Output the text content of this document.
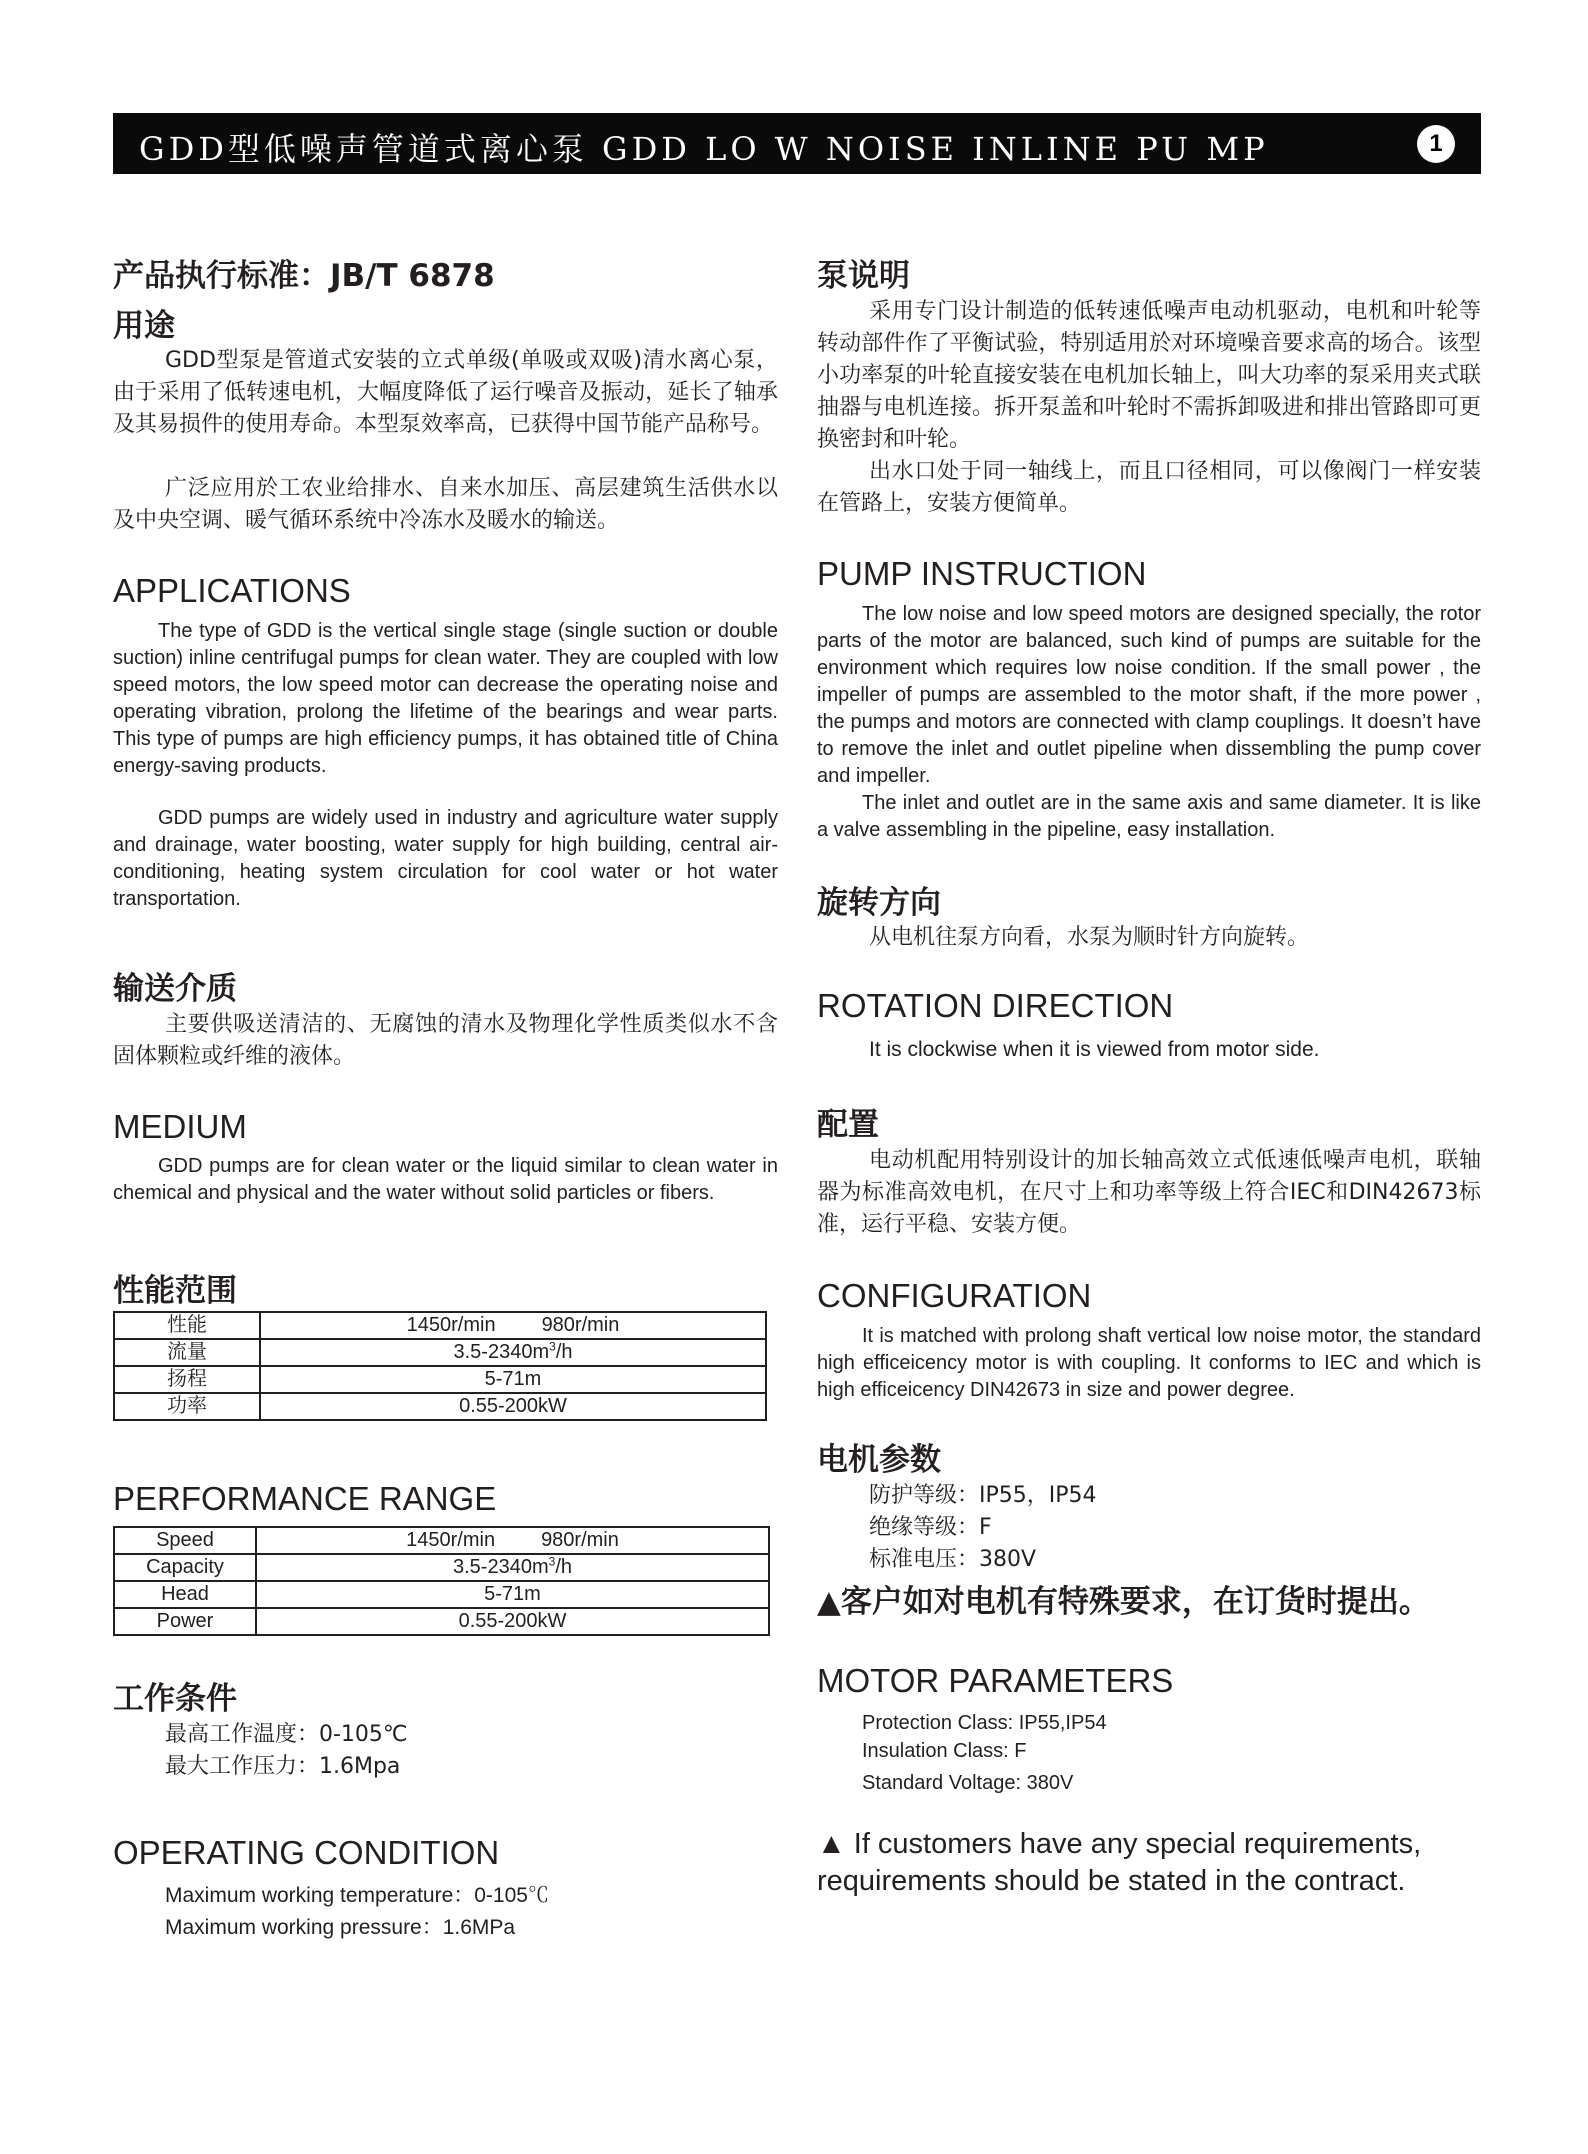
GDD型低噪声管道式离心泵 GDD LO W NOISE INLINE PU MP	1
产品执行标准：JB/T 6878
用途

GDD型泵是管道式安装的立式单级(单吸或双吸)清水离心泵，由于采用了低转速电机，大幅度降低了运行噪音及振动，延长了轴承及其易损件的使用寿命。本型泵效率高，已获得中国节能产品称号。

广泛应用於工农业给排水、自来水加压、高层建筑生活供水以及中央空调、暖气循环系统中冷冻水及暖水的输送。

APPLICATIONS

The type of GDD is the vertical single stage (single suction or double suction) inline centrifugal pumps for clean water. They are coupled with low speed motors, the low speed motor can decrease the operating noise and operating vibration, prolong the lifetime of the bearings and wear parts. This type of pumps are high efficiency pumps, it has obtained title of China energy-saving products.

GDD pumps are widely used in industry and agriculture water supply and drainage, water boosting, water supply for high building, central air-conditioning, heating system circulation for cool water or hot water transportation.

输送介质

主要供吸送清洁的、无腐蚀的清水及物理化学性质类似水不含固体颗粒或纤维的液体。

MEDIUM

GDD pumps are for clean water or the liquid similar to clean water in chemical and physical and the water without solid particles or fibers.

性能范围
性能	1450r/min 980r/min
流量	$3.5-2340m^3/h$
扬程	5-71m
功率	0.55-200kW
PERFORMANCE RANGE
Speed	1450r/min 980r/min
Capacity	$3.5-2340m^3/h$
Head	5-71m
Power	0.55-200kW
工作条件
最高工作温度：0-105℃
最大工作压力：1.6Mpa
OPERATING CONDITION
Maximum working temperature：0-105℃
Maximum working pressure：1.6MPa
泵说明

采用专门设计制造的低转速低噪声电动机驱动，电机和叶轮等转动部件作了平衡试验，特别适用於对环境噪音要求高的场合。该型小功率泵的叶轮直接安装在电机加长轴上，叫大功率的泵采用夹式联抽器与电机连接。拆开泵盖和叶轮时不需拆卸吸进和排出管路即可更换密封和叶轮。

出水口处于同一轴线上，而且口径相同，可以像阀门一样安装在管路上，安装方便简单。

PUMP INSTRUCTION

The low noise and low speed motors are designed specially, the rotor parts of the motor are balanced, such kind of pumps are suitable for the environment which requires low noise condition. If the small power , the impeller of pumps are assembled to the motor shaft, if the more power , the pumps and motors are connected with clamp couplings. It doesn’t have to remove the inlet and outlet pipeline when dissembling the pump cover and impeller.

The inlet and outlet are in the same axis and same diameter. It is like a valve assembling in the pipeline, easy installation.

旋转方向
从电机往泵方向看，水泵为顺时针方向旋转。
ROTATION DIRECTION
It is clockwise when it is viewed from motor side.
配置

电动机配用特别设计的加长轴高效立式低速低噪声电机，联轴器为标准高效电机，在尺寸上和功率等级上符合IEC和DIN42673标准，运行平稳、安装方便。

CONFIGURATION

It is matched with prolong shaft vertical low noise motor, the standard high efficeicency motor is with coupling. It conforms to IEC and which is high efficeicency DIN42673 in size and power degree.

电机参数
防护等级：IP55，IP54
绝缘等级：F
标准电压：380V
▲客户如对电机有特殊要求，在订货时提出。
MOTOR PARAMETERS
Protection Class: IP55,IP54
Insulation Class: F
Standard Voltage: 380V
▲ If customers have any special requirements, requirements should be stated in the contract.
